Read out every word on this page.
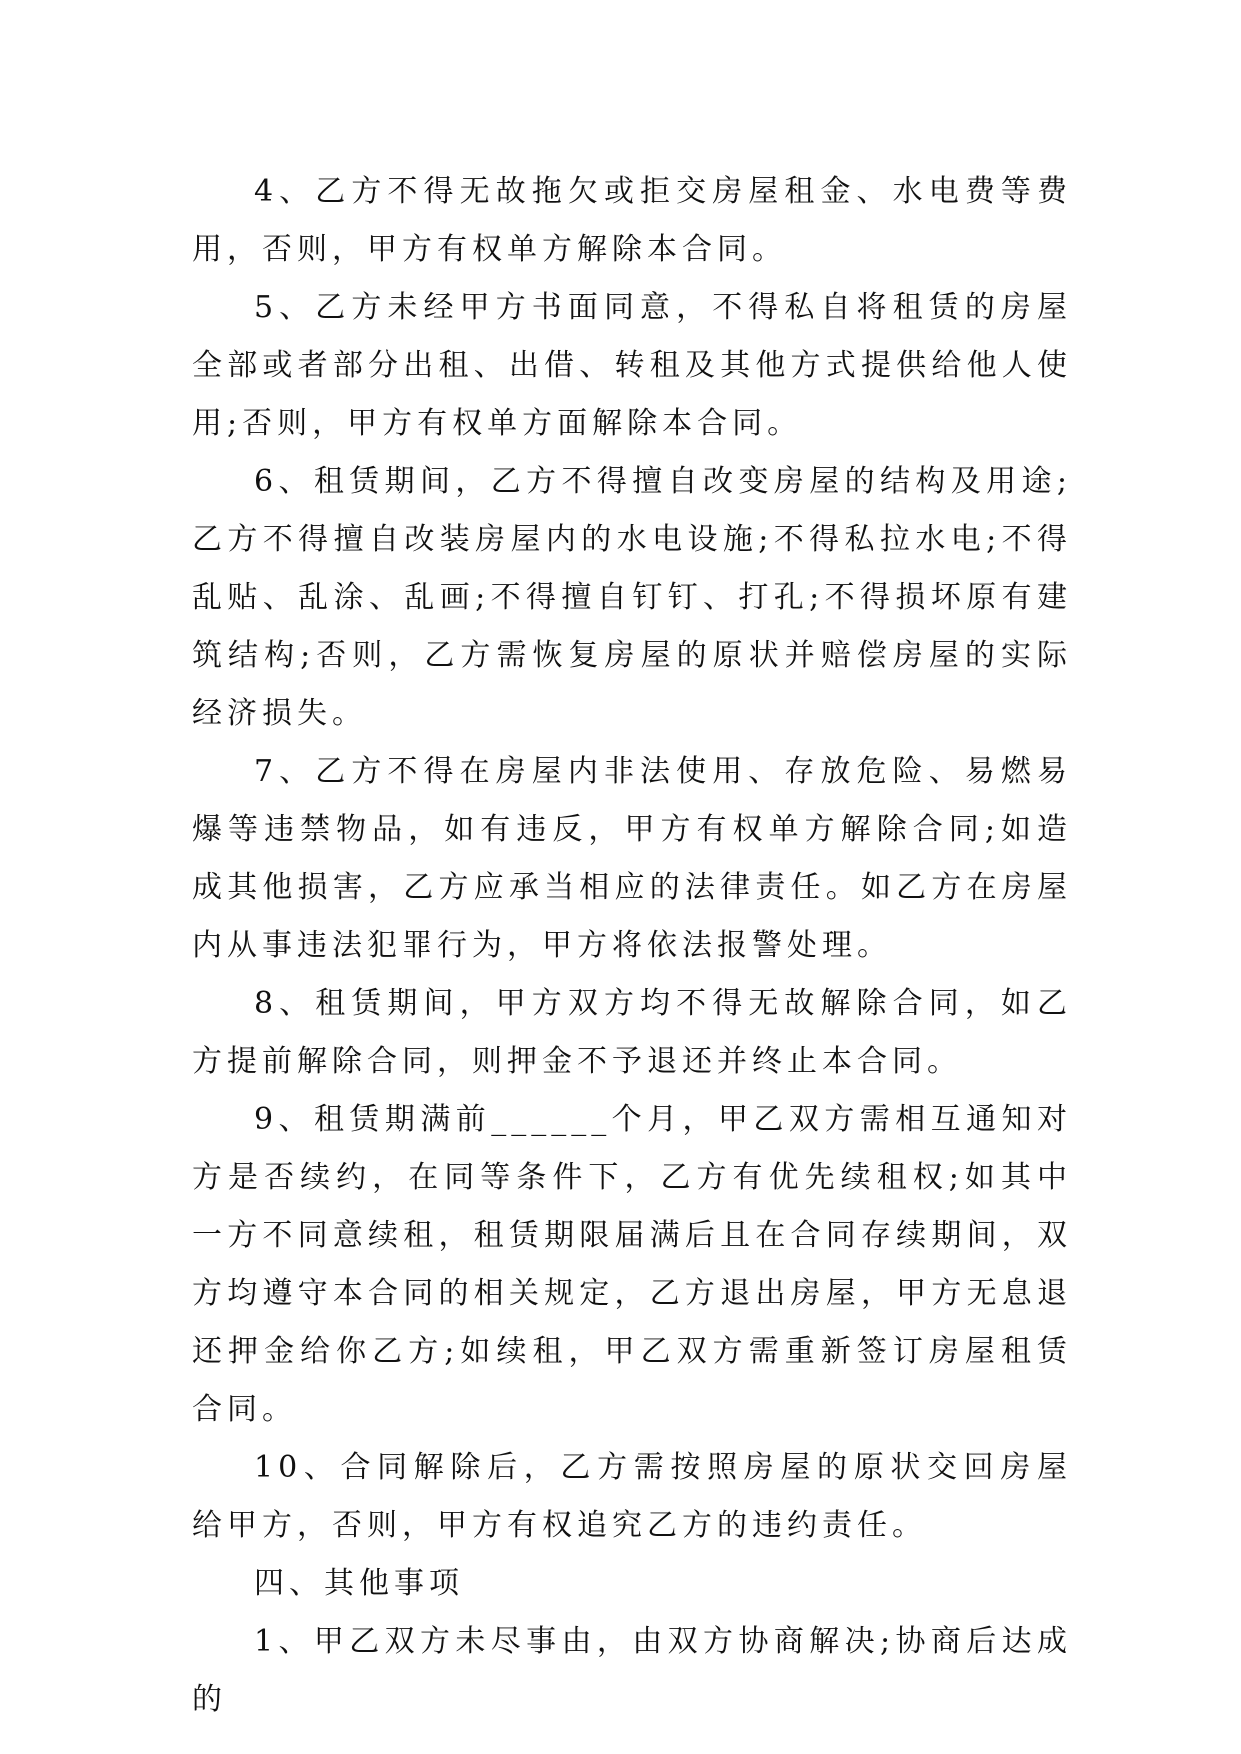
4、乙方不得无故拖欠或拒交房屋租金、水电费等费用，否则，甲方有权单方解除本合同。

5、乙方未经甲方书面同意，不得私自将租赁的房屋全部或者部分出租、出借、转租及其他方式提供给他人使用;否则，甲方有权单方面解除本合同。

6、租赁期间，乙方不得擅自改变房屋的结构及用途;乙方不得擅自改装房屋内的水电设施;不得私拉水电;不得乱贴、乱涂、乱画;不得擅自钉钉、打孔;不得损坏原有建筑结构;否则，乙方需恢复房屋的原状并赔偿房屋的实际经济损失。

7、乙方不得在房屋内非法使用、存放危险、易燃易爆等违禁物品，如有违反，甲方有权单方解除合同;如造成其他损害，乙方应承当相应的法律责任。如乙方在房屋内从事违法犯罪行为，甲方将依法报警处理。

8、租赁期间，甲方双方均不得无故解除合同，如乙方提前解除合同，则押金不予退还并终止本合同。

9、租赁期满前______个月，甲乙双方需相互通知对方是否续约，在同等条件下，乙方有优先续租权;如其中一方不同意续租，租赁期限届满后且在合同存续期间，双方均遵守本合同的相关规定，乙方退出房屋，甲方无息退还押金给你乙方;如续租，甲乙双方需重新签订房屋租赁合同。

10、合同解除后，乙方需按照房屋的原状交回房屋给甲方，否则，甲方有权追究乙方的违约责任。

四、其他事项

1、甲乙双方未尽事由，由双方协商解决;协商后达成的
